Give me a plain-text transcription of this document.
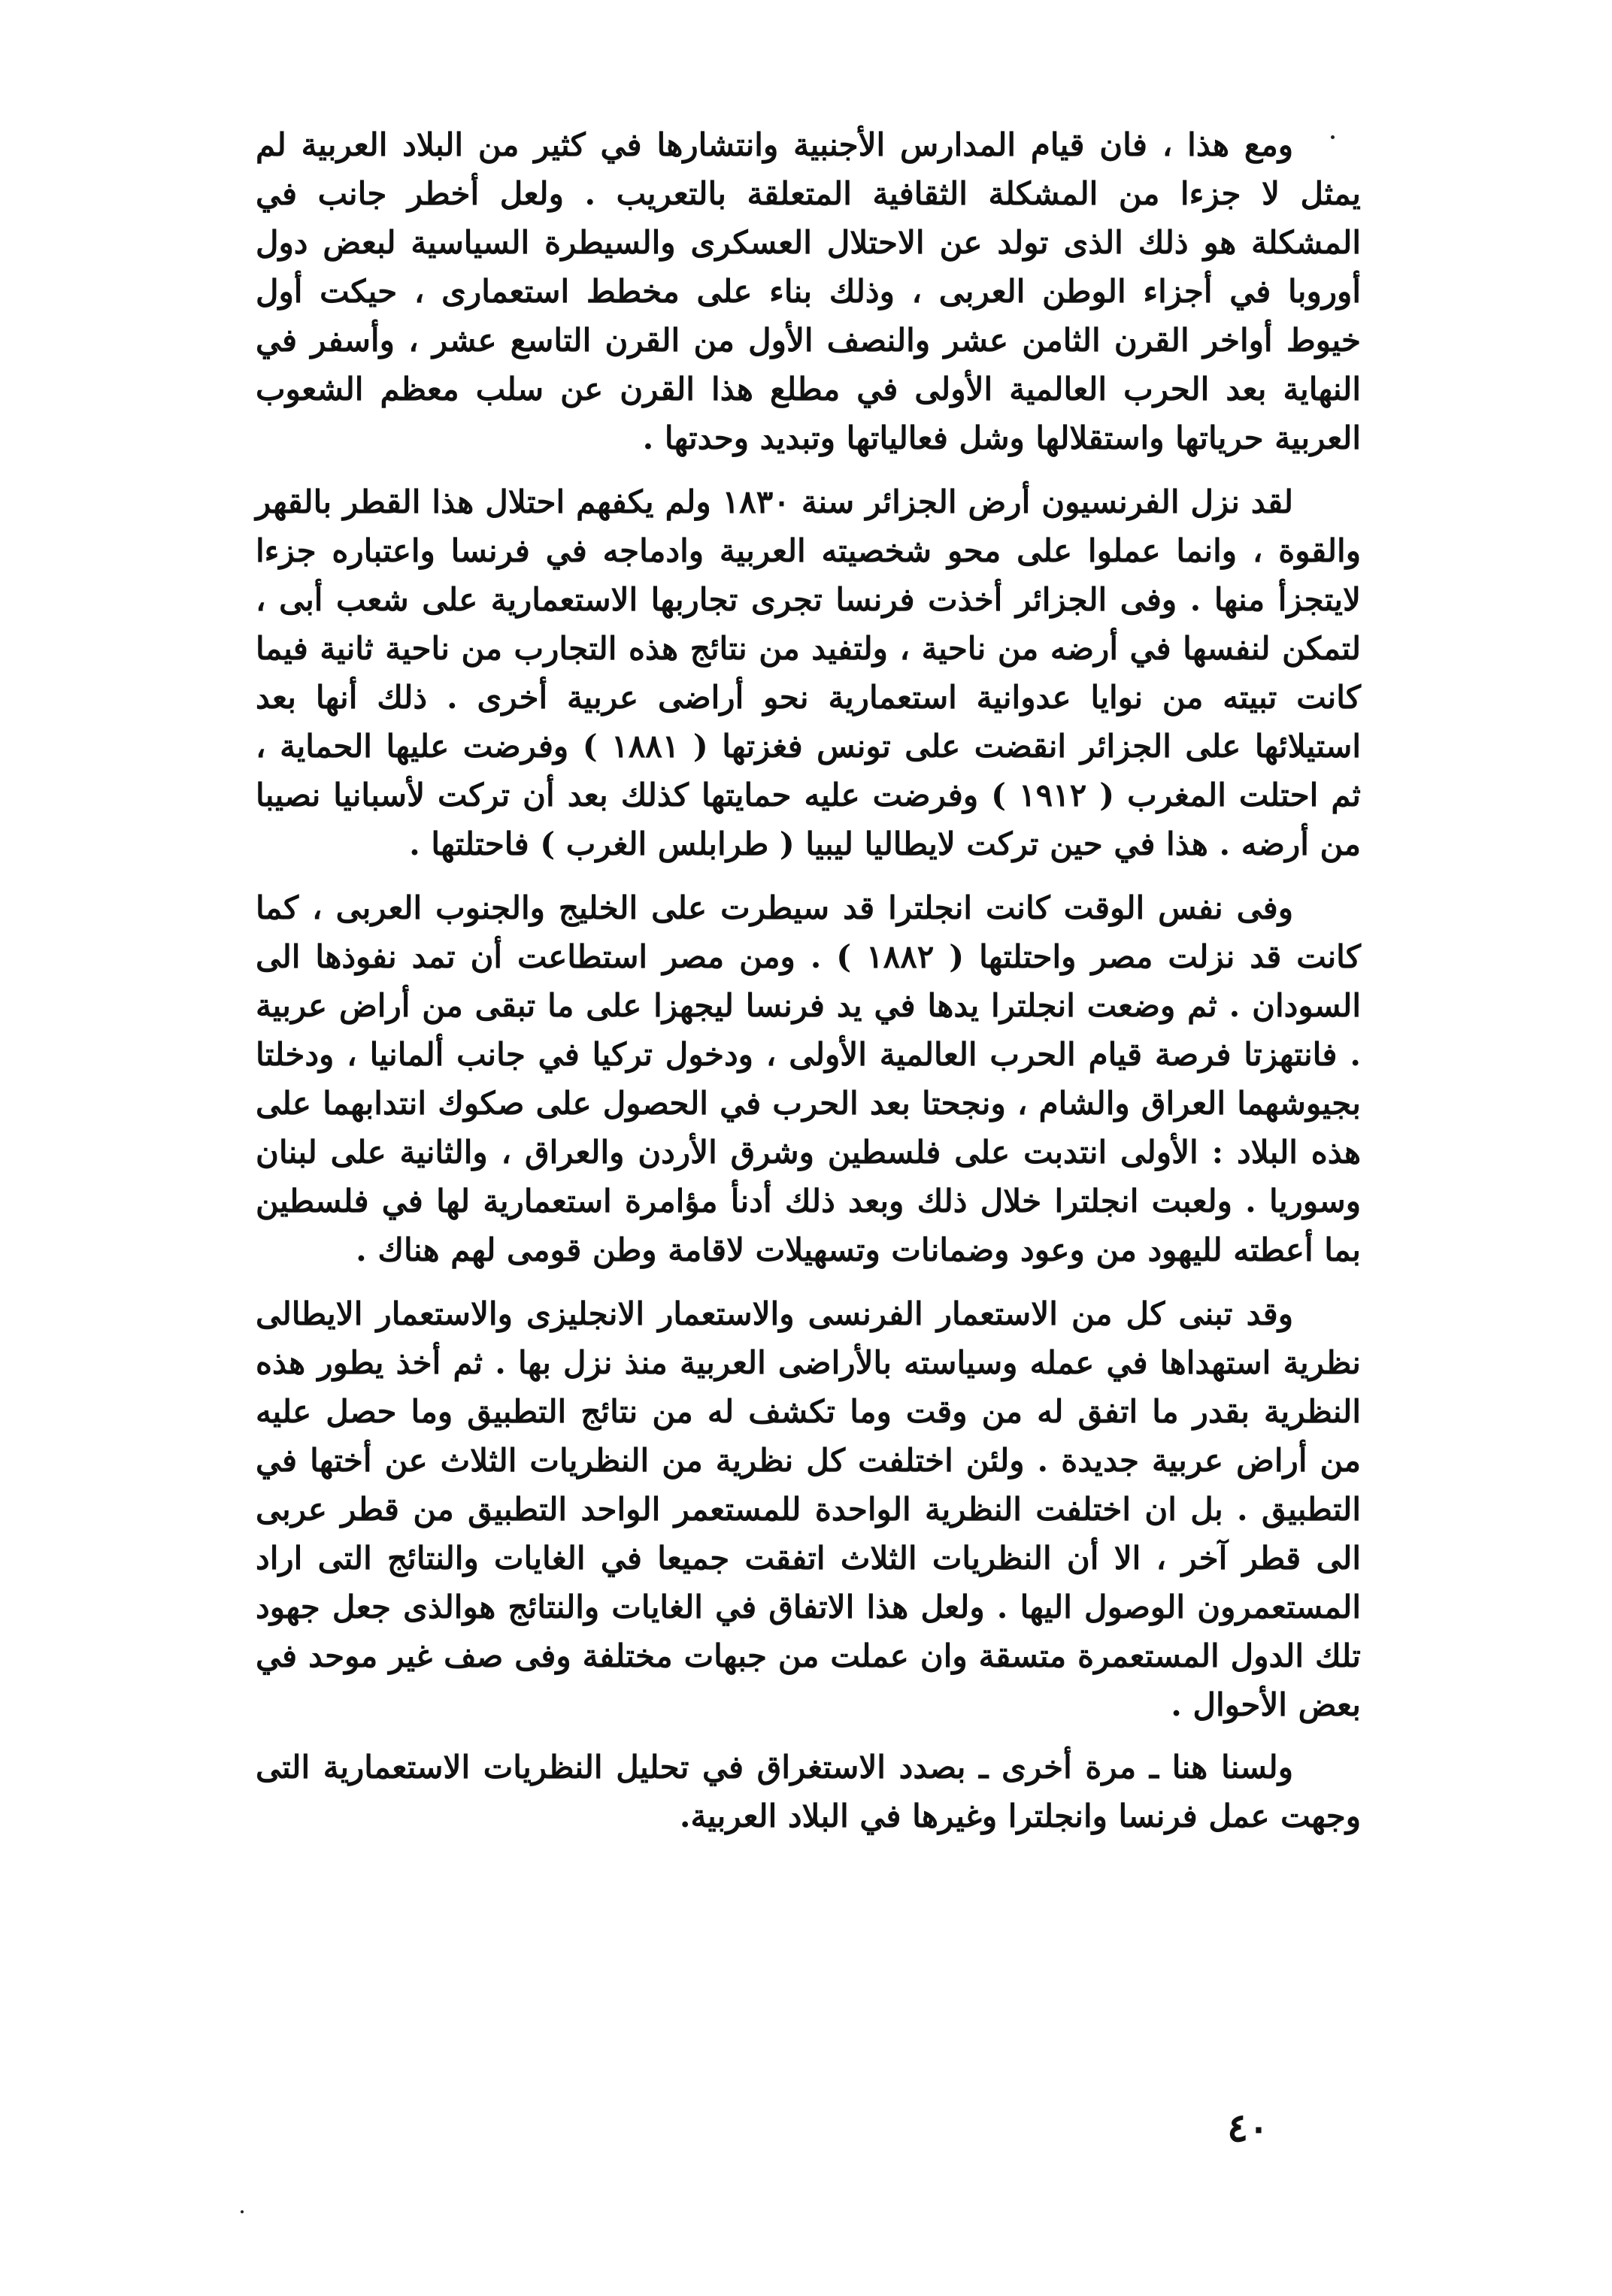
ومع هذا ، فان قيام المدارس الأجنبية وانتشارها في كثير من البلاد العربية لم يمثل لا جزءا من المشكلة الثقافية المتعلقة بالتعريب . ولعل أخطر جانب في المشكلة هو ذلك الذى تولد عن الاحتلال العسكرى والسيطرة السياسية لبعض دول أوروبا في أجزاء الوطن العربى ، وذلك بناء على مخطط استعمارى ، حيكت أول خيوط أواخر القرن الثامن عشر والنصف الأول من القرن التاسع عشر ، وأسفر في النهاية بعد الحرب العالمية الأولى في مطلع هذا القرن عن سلب معظم الشعوب العربية حرياتها واستقلالها وشل فعالياتها وتبديد وحدتها .

لقد نزل الفرنسيون أرض الجزائر سنة ١٨٣٠ ولم يكفهم احتلال هذا القطر بالقهر والقوة ، وانما عملوا على محو شخصيته العربية وادماجه في فرنسا واعتباره جزءا لايتجزأ منها . وفى الجزائر أخذت فرنسا تجرى تجاربها الاستعمارية على شعب أبى ، لتمكن لنفسها في أرضه من ناحية ، ولتفيد من نتائج هذه التجارب من ناحية ثانية فيما كانت تبيته من نوايا عدوانية استعمارية نحو أراضى عربية أخرى . ذلك أنها بعد استيلائها على الجزائر انقضت على تونس فغزتها ( ١٨٨١ ) وفرضت عليها الحماية ، ثم احتلت المغرب ( ١٩١٢ ) وفرضت عليه حمايتها كذلك بعد أن تركت لأسبانيا نصيبا من أرضه . هذا في حين تركت لايطاليا ليبيا ( طرابلس الغرب ) فاحتلتها .

وفى نفس الوقت كانت انجلترا قد سيطرت على الخليج والجنوب العربى ، كما كانت قد نزلت مصر واحتلتها ( ١٨٨٢ ) . ومن مصر استطاعت أن تمد نفوذها الى السودان . ثم وضعت انجلترا يدها في يد فرنسا ليجهزا على ما تبقى من أراض عربية . فانتهزتا فرصة قيام الحرب العالمية الأولى ، ودخول تركيا في جانب ألمانيا ، ودخلتا بجيوشهما العراق والشام ، ونجحتا بعد الحرب في الحصول على صكوك انتدابهما على هذه البلاد : الأولى انتدبت على فلسطين وشرق الأردن والعراق ، والثانية على لبنان وسوريا . ولعبت انجلترا خلال ذلك وبعد ذلك أدنأ مؤامرة استعمارية لها في فلسطين بما أعطته لليهود من وعود وضمانات وتسهيلات لاقامة وطن قومى لهم هناك .

وقد تبنى كل من الاستعمار الفرنسى والاستعمار الانجليزى والاستعمار الايطالى نظرية استهداها في عمله وسياسته بالأراضى العربية منذ نزل بها . ثم أخذ يطور هذه النظرية بقدر ما اتفق له من وقت وما تكشف له من نتائج التطبيق وما حصل عليه من أراض عربية جديدة . ولئن اختلفت كل نظرية من النظريات الثلاث عن أختها في التطبيق . بل ان اختلفت النظرية الواحدة للمستعمر الواحد التطبيق من قطر عربى الى قطر آخر ، الا أن النظريات الثلاث اتفقت جميعا في الغايات والنتائج التى اراد المستعمرون الوصول اليها . ولعل هذا الاتفاق في الغايات والنتائج هوالذى جعل جهود تلك الدول المستعمرة متسقة وان عملت من جبهات مختلفة وفى صف غير موحد في بعض الأحوال .

ولسنا هنا ـ مرة أخرى ـ بصدد الاستغراق في تحليل النظريات الاستعمارية التى وجهت عمل فرنسا وانجلترا وغيرها في البلاد العربية.

٤٠
